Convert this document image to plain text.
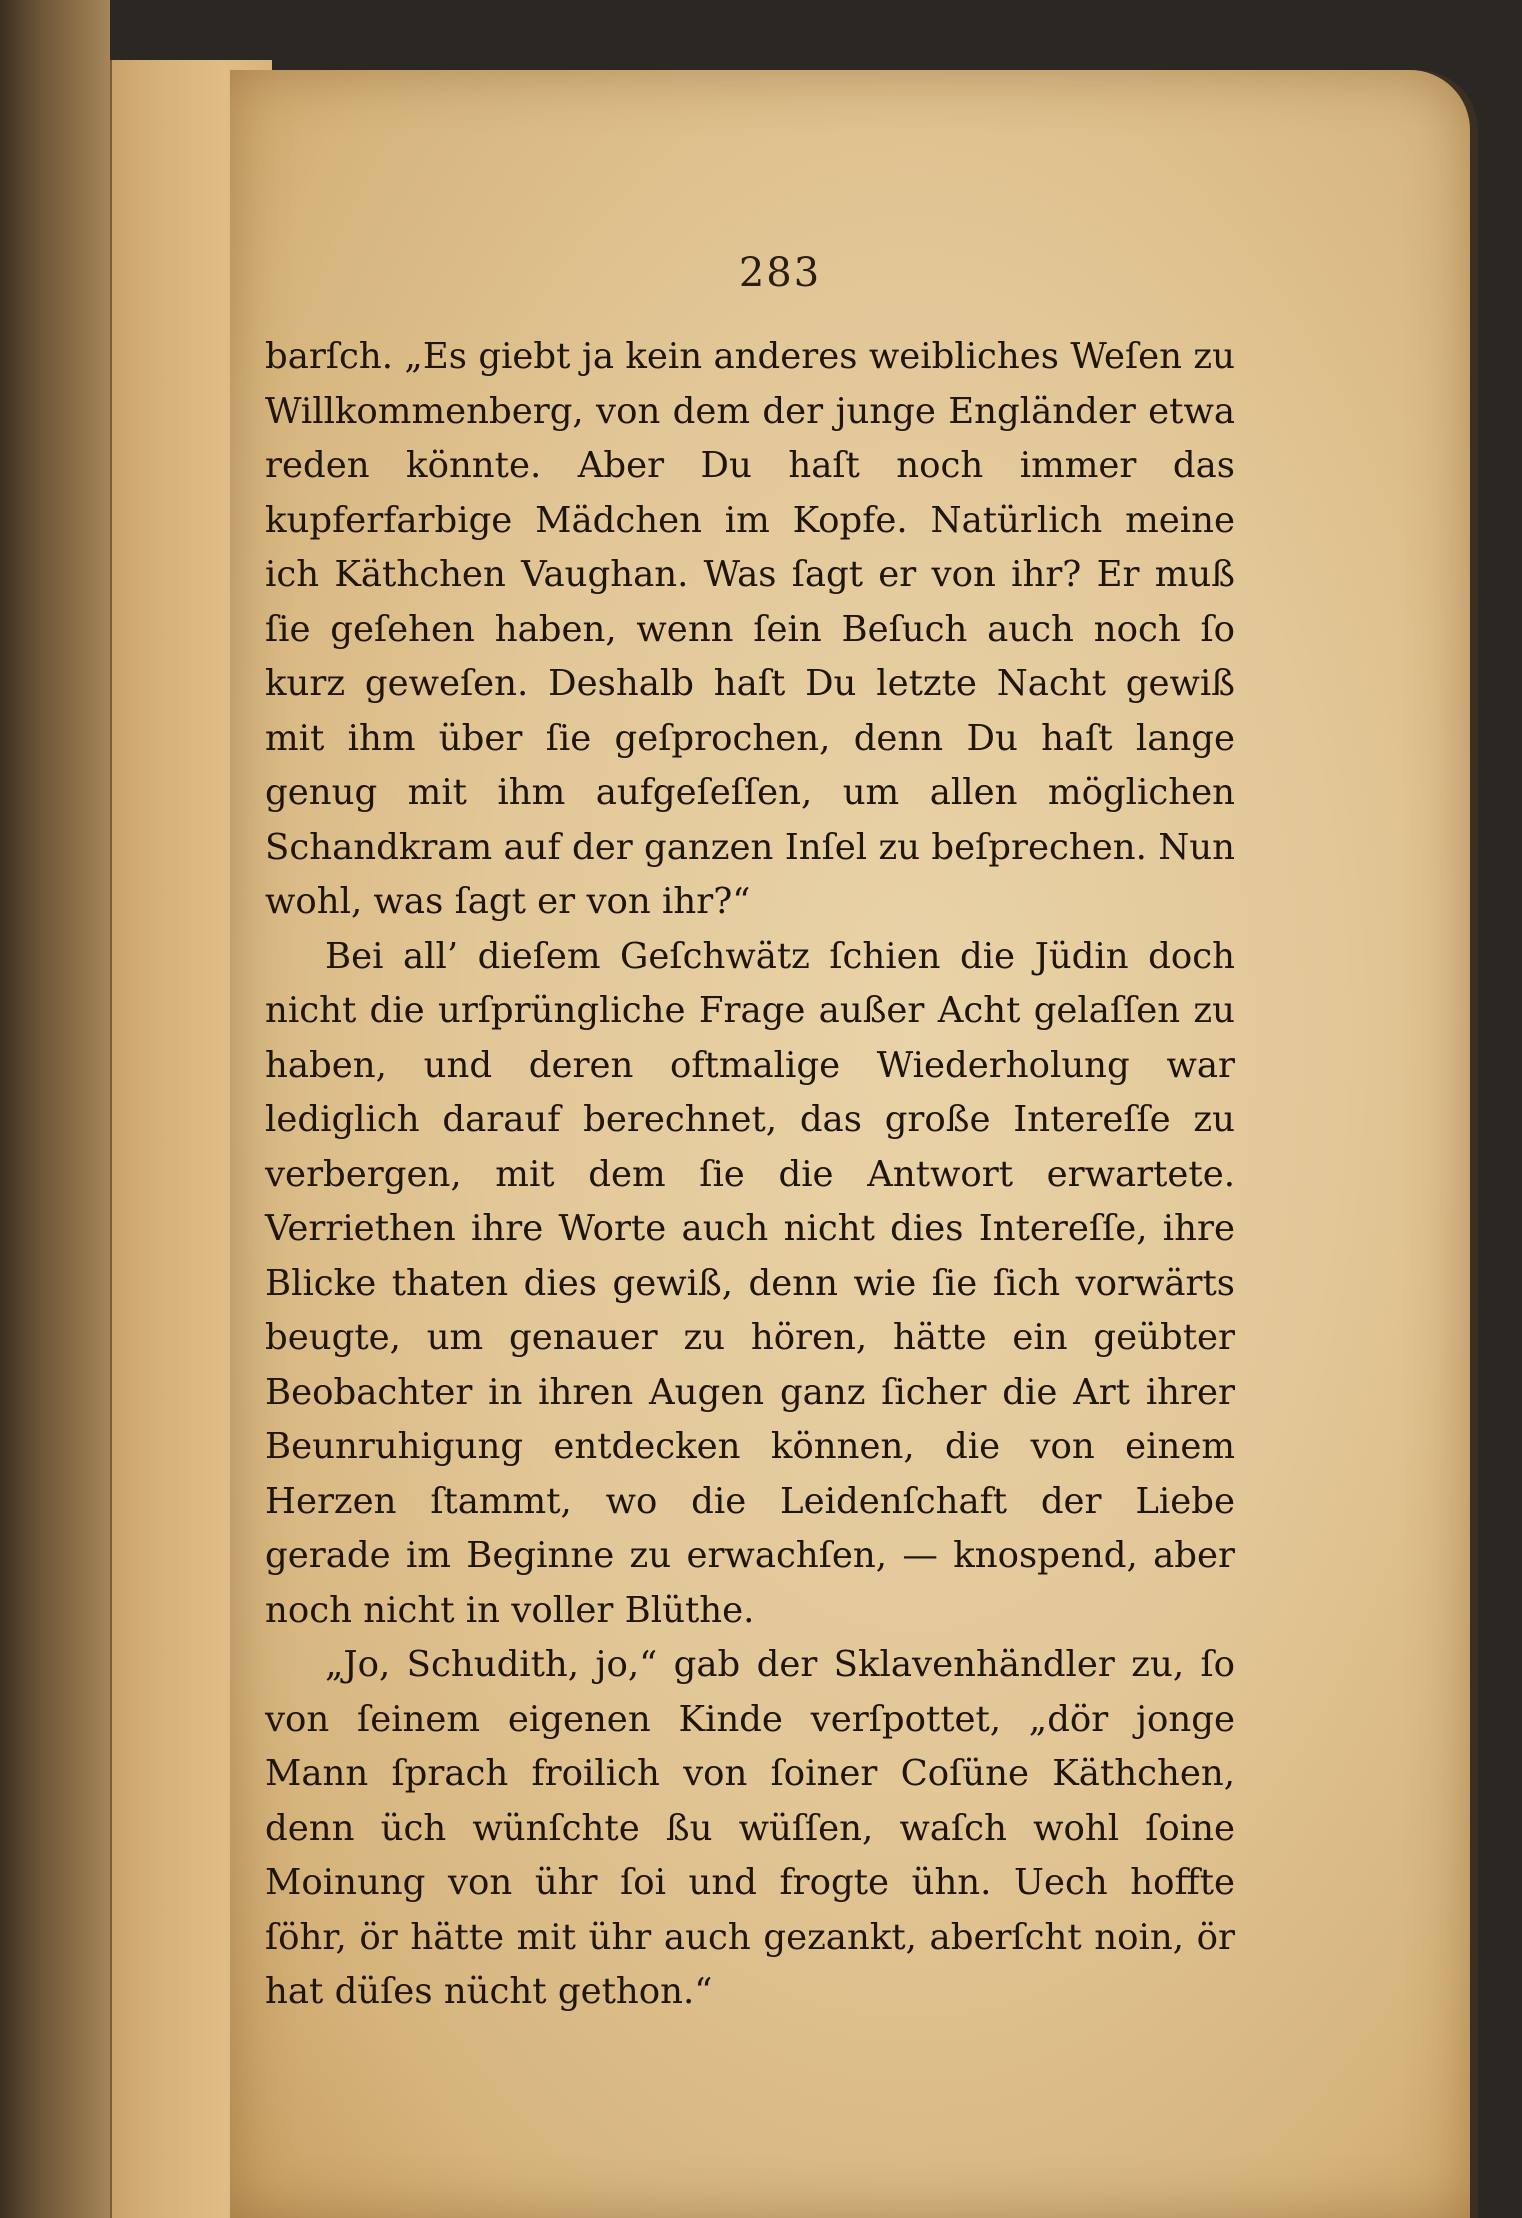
283

barſch. „Es giebt ja kein anderes weibliches Weſen zu Willkommenberg, von dem der junge Engländer etwa reden könnte. Aber Du haſt noch immer das kupferfarbige Mädchen im Kopfe. Natürlich meine ich Käthchen Vaughan. Was ſagt er von ihr? Er muß ſie geſehen haben, wenn ſein Beſuch auch noch ſo kurz geweſen. Deshalb haſt Du letzte Nacht gewiß mit ihm über ſie geſprochen, denn Du haſt lange genug mit ihm aufgeſeſſen, um allen möglichen Schandkram auf der ganzen Inſel zu beſprechen. Nun wohl, was ſagt er von ihr?“

Bei all’ dieſem Geſchwätz ſchien die Jüdin doch nicht die urſprüngliche Frage außer Acht gelaſſen zu haben, und deren oftmalige Wiederholung war lediglich darauf berechnet, das große Intereſſe zu verbergen, mit dem ſie die Antwort erwartete. Verriethen ihre Worte auch nicht dies Intereſſe, ihre Blicke thaten dies gewiß, denn wie ſie ſich vorwärts beugte, um genauer zu hören, hätte ein geübter Beobachter in ihren Augen ganz ſicher die Art ihrer Beunruhigung entdecken können, die von einem Herzen ſtammt, wo die Leidenſchaft der Liebe gerade im Beginne zu erwachſen, — knospend, aber noch nicht in voller Blüthe.

„Jo, Schudith, jo,“ gab der Sklavenhändler zu, ſo von ſeinem eigenen Kinde verſpottet, „dör jonge Mann ſprach froilich von ſoiner Coſüne Käthchen, denn üch wünſchte ßu wüſſen, waſch wohl ſoine Moinung von ühr ſoi und frogte ühn. Uech hoffte ſöhr, ör hätte mit ühr auch gezankt, aberſcht noin, ör hat düſes nücht gethon.“
